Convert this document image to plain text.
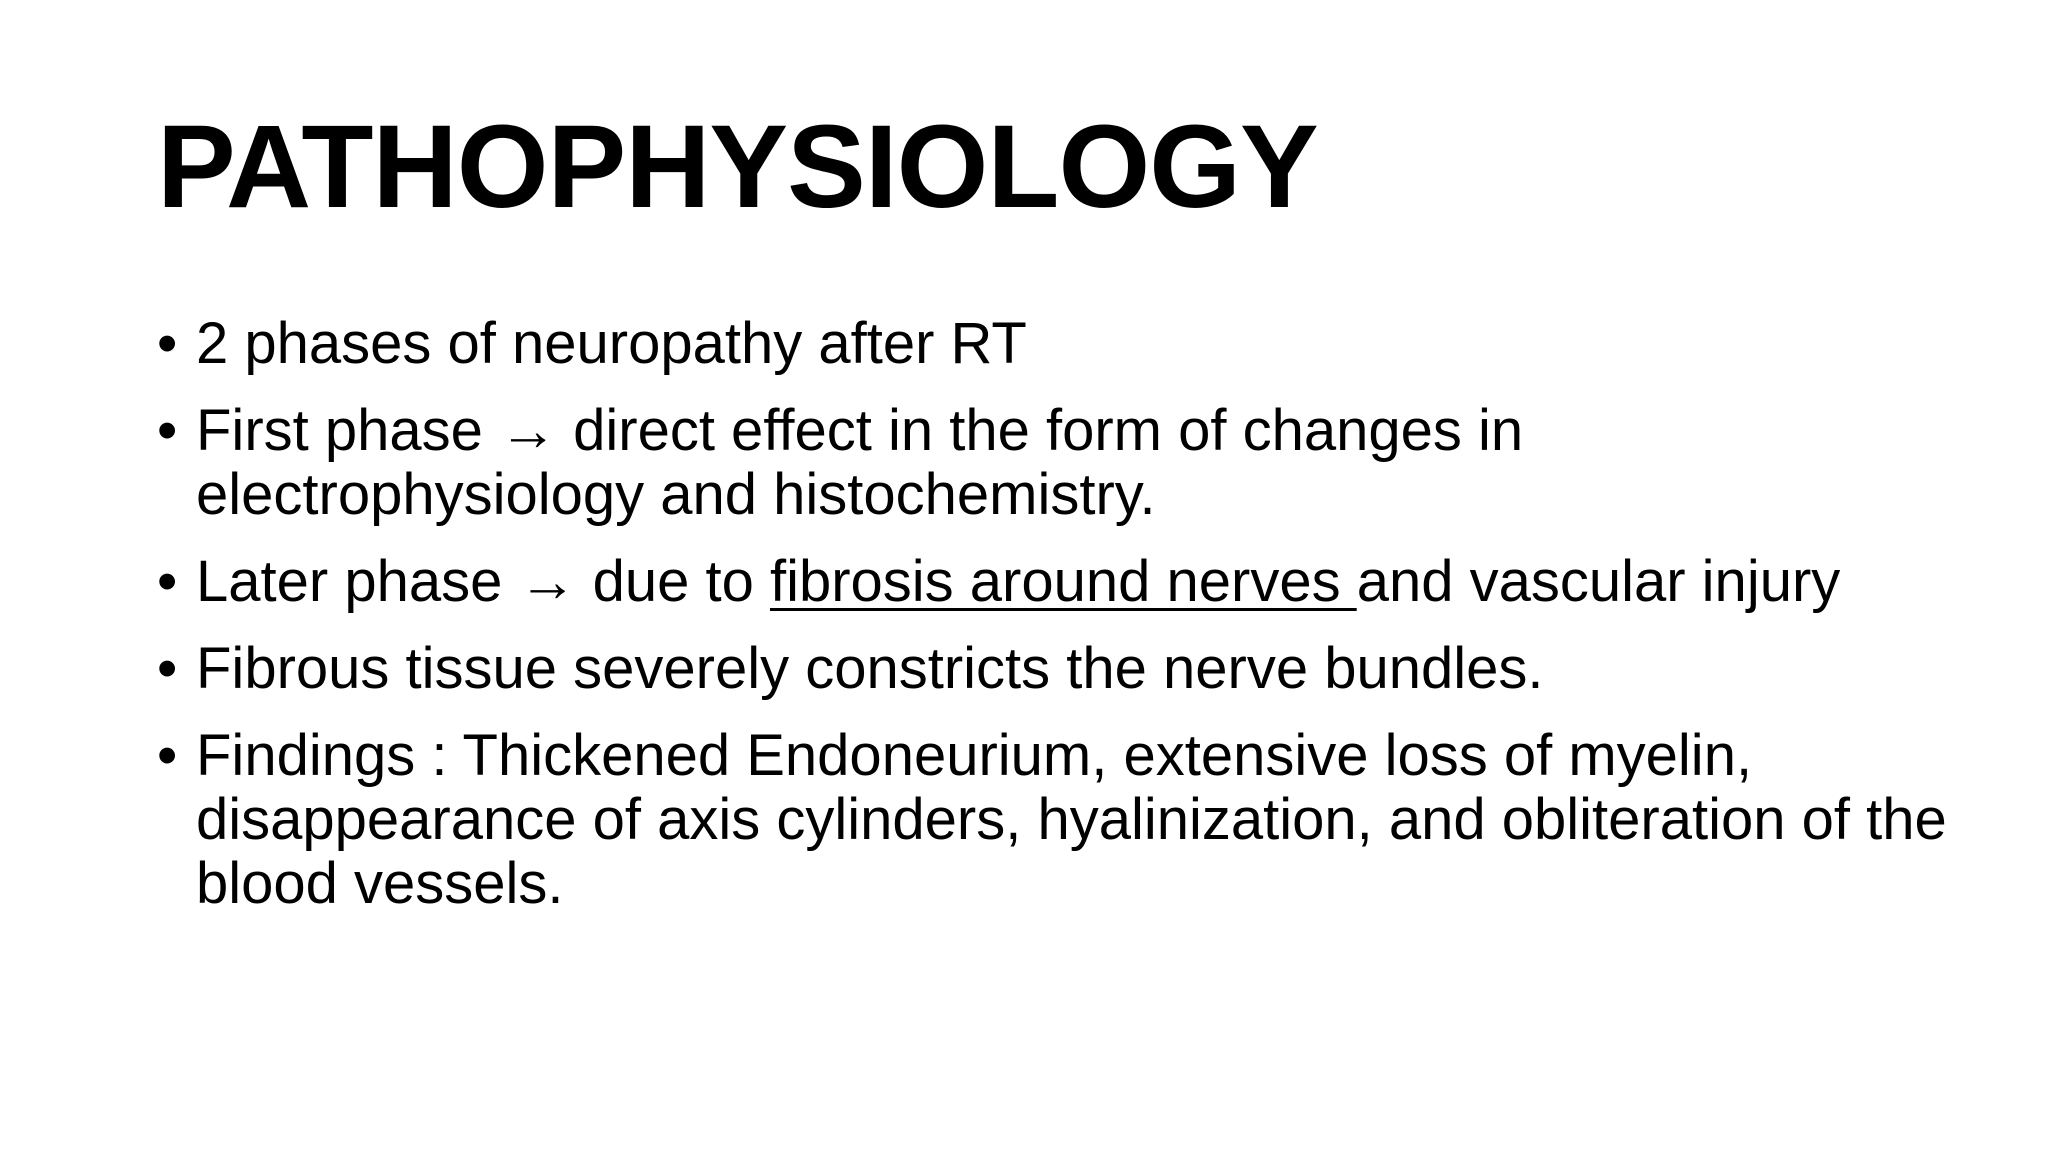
PATHOPHYSIOLOGY
• 2 phases of neuropathy after RT
• First phase → direct effect in the form of changes in electrophysiology and histochemistry.
• Later phase → due to fibrosis around nerves and vascular injury
• Fibrous tissue severely constricts the nerve bundles.
• Findings : Thickened Endoneurium, extensive loss of myelin, disappearance of axis cylinders, hyalinization, and obliteration of the blood vessels.
